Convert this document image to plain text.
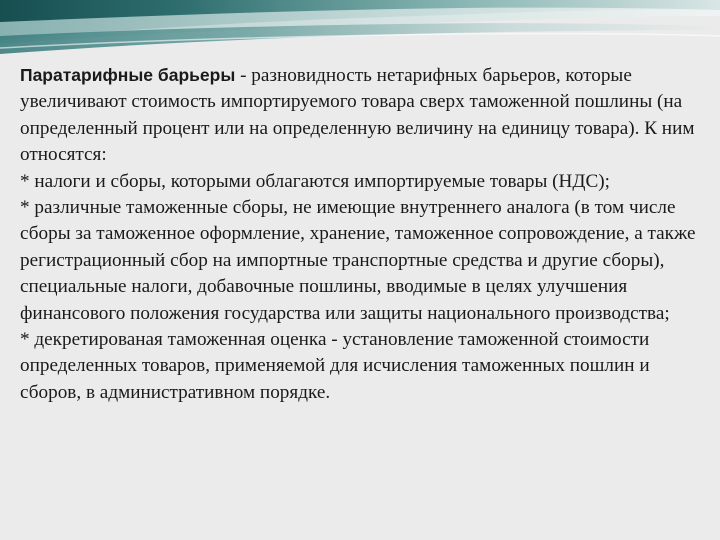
Паратарифные барьеры - разновидность нетарифных барьеров, которые увеличивают стоимость импортируемого товара сверх таможенной пошлины (на определенный процент или на определенную величину на единицу товара). К ним относятся:

* налоги и сборы, которыми облагаются импортируемые товары (НДС);

* различные таможенные сборы, не имеющие внутреннего аналога (в том числе сборы за таможенное оформление, хранение, таможенное сопровождение, а также регистрационный сбор на импортные транспортные средства и другие сборы), специальные налоги, добавочные пошлины, вводимые в целях улучшения финансового положения государства или защиты национального производства;

* декретированая таможенная оценка - установление таможенной стоимости определенных товаров, применяемой для исчисления таможенных пошлин и сборов, в административном порядке.
